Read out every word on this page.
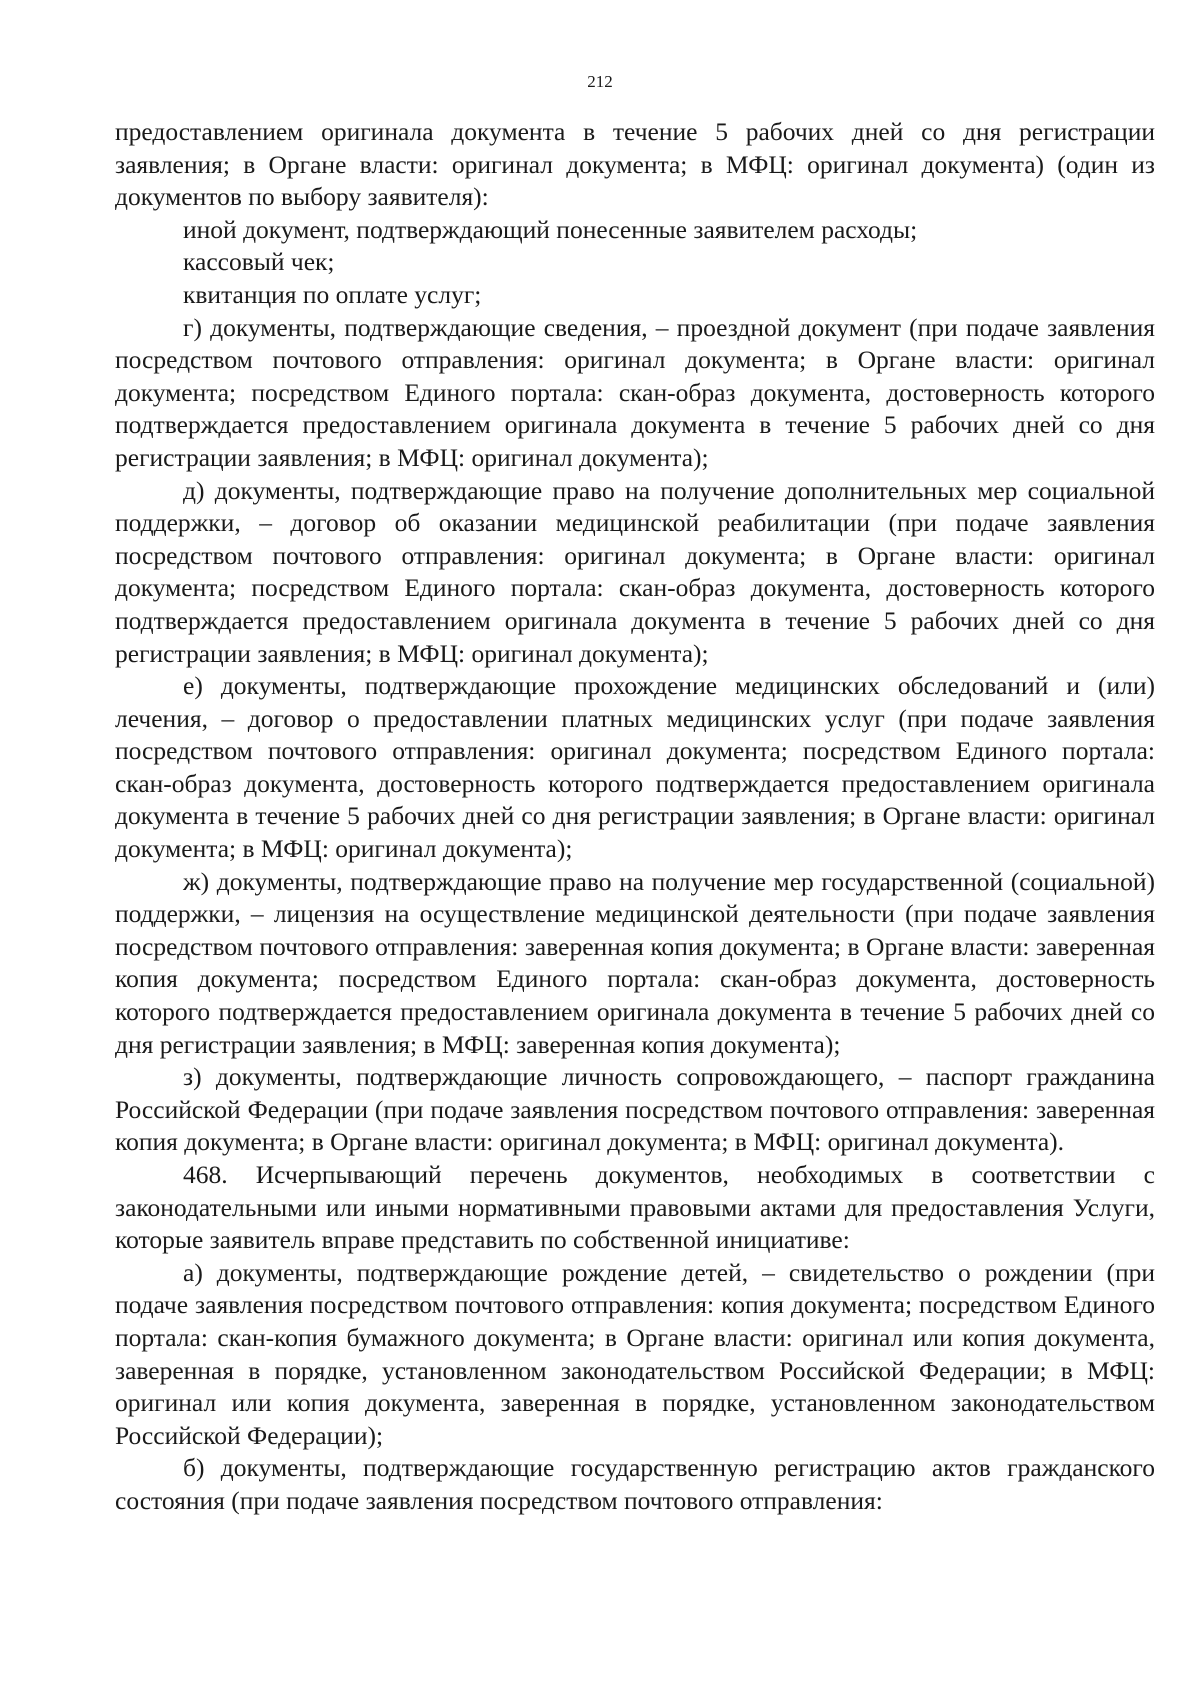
212

предоставлением оригинала документа в течение 5 рабочих дней со дня регистрации заявления; в Органе власти: оригинал документа; в МФЦ: оригинал документа) (один из документов по выбору заявителя):

иной документ, подтверждающий понесенные заявителем расходы;

кассовый чек;

квитанция по оплате услуг;

г) документы, подтверждающие сведения, – проездной документ (при подаче заявления посредством почтового отправления: оригинал документа; в Органе власти: оригинал документа; посредством Единого портала: скан-образ документа, достоверность которого подтверждается предоставлением оригинала документа в течение 5 рабочих дней со дня регистрации заявления; в МФЦ: оригинал документа);

д) документы, подтверждающие право на получение дополнительных мер социальной поддержки, – договор об оказании медицинской реабилитации (при подаче заявления посредством почтового отправления: оригинал документа; в Органе власти: оригинал документа; посредством Единого портала: скан-образ документа, достоверность которого подтверждается предоставлением оригинала документа в течение 5 рабочих дней со дня регистрации заявления; в МФЦ: оригинал документа);

е) документы, подтверждающие прохождение медицинских обследований и (или) лечения, – договор о предоставлении платных медицинских услуг (при подаче заявления посредством почтового отправления: оригинал документа; посредством Единого портала: скан-образ документа, достоверность которого подтверждается предоставлением оригинала документа в течение 5 рабочих дней со дня регистрации заявления; в Органе власти: оригинал документа; в МФЦ: оригинал документа);

ж) документы, подтверждающие право на получение мер государственной (социальной) поддержки, – лицензия на осуществление медицинской деятельности (при подаче заявления посредством почтового отправления: заверенная копия документа; в Органе власти: заверенная копия документа; посредством Единого портала: скан-образ документа, достоверность которого подтверждается предоставлением оригинала документа в течение 5 рабочих дней со дня регистрации заявления; в МФЦ: заверенная копия документа);

з) документы, подтверждающие личность сопровождающего, – паспорт гражданина Российской Федерации (при подаче заявления посредством почтового отправления: заверенная копия документа; в Органе власти: оригинал документа; в МФЦ: оригинал документа).

468. Исчерпывающий перечень документов, необходимых в соответствии с законодательными или иными нормативными правовыми актами для предоставления Услуги, которые заявитель вправе представить по собственной инициативе:

а) документы, подтверждающие рождение детей, – свидетельство о рождении (при подаче заявления посредством почтового отправления: копия документа; посредством Единого портала: скан-копия бумажного документа; в Органе власти: оригинал или копия документа, заверенная в порядке, установленном законодательством Российской Федерации; в МФЦ: оригинал или копия документа, заверенная в порядке, установленном законодательством Российской Федерации);

б) документы, подтверждающие государственную регистрацию актов гражданского состояния (при подаче заявления посредством почтового отправления:
